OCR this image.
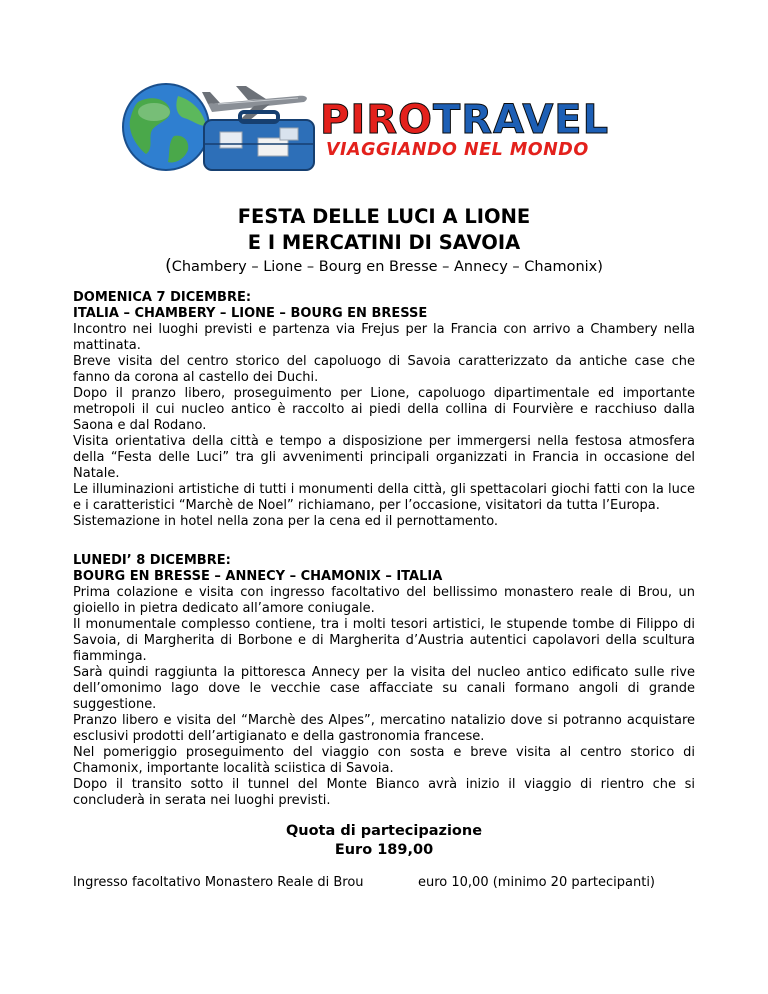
PIROTRAVEL
VIAGGIANDO NEL MONDO
FESTA DELLE LUCI A LIONE
E I MERCATINI DI SAVOIA
(Chambery – Lione – Bourg en Bresse – Annecy – Chamonix)

DOMENICA 7 DICEMBRE:

ITALIA – CHAMBERY – LIONE – BOURG EN BRESSE

Incontro nei luoghi previsti e partenza via Frejus per la Francia con arrivo a Chambery nella mattinata.

Breve visita del centro storico del capoluogo di Savoia caratterizzato da antiche case che fanno da corona al castello dei Duchi.

Dopo il pranzo libero, proseguimento per Lione, capoluogo dipartimentale ed importante metropoli il cui nucleo antico è raccolto ai piedi della collina di Fourvière e racchiuso dalla Saona e dal Rodano.

Visita orientativa della città e tempo a disposizione per immergersi nella festosa atmosfera della “Festa delle Luci” tra gli avvenimenti principali organizzati in Francia in occasione del Natale.

Le illuminazioni artistiche di tutti i monumenti della città, gli spettacolari giochi fatti con la luce e i caratteristici “Marchè de Noel” richiamano, per l’occasione, visitatori da tutta l’Europa.

Sistemazione in hotel nella zona per la cena ed il pernottamento.

LUNEDI’ 8 DICEMBRE:

BOURG EN BRESSE – ANNECY – CHAMONIX – ITALIA

Prima colazione e visita con ingresso facoltativo del bellissimo monastero reale di Brou, un gioiello in pietra dedicato all’amore coniugale.

Il monumentale complesso contiene, tra i molti tesori artistici, le stupende tombe di Filippo di Savoia, di Margherita di Borbone e di Margherita d’Austria autentici capolavori della scultura fiamminga.

Sarà quindi raggiunta la pittoresca Annecy per la visita del nucleo antico edificato sulle rive dell’omonimo lago dove le vecchie case affacciate su canali formano angoli di grande suggestione.

Pranzo libero e visita del “Marchè des Alpes”, mercatino natalizio dove si potranno acquistare esclusivi prodotti dell’artigianato e della gastronomia francese.

Nel pomeriggio proseguimento del viaggio con sosta e breve visita al centro storico di Chamonix, importante località sciistica di Savoia.

Dopo il transito sotto il tunnel del Monte Bianco avrà inizio il viaggio di rientro che si concluderà in serata nei luoghi previsti.

Quota di partecipazione
Euro 189,00
Ingresso facoltativo Monastero Reale di Brou	euro 10,00 (minimo 20 partecipanti)
